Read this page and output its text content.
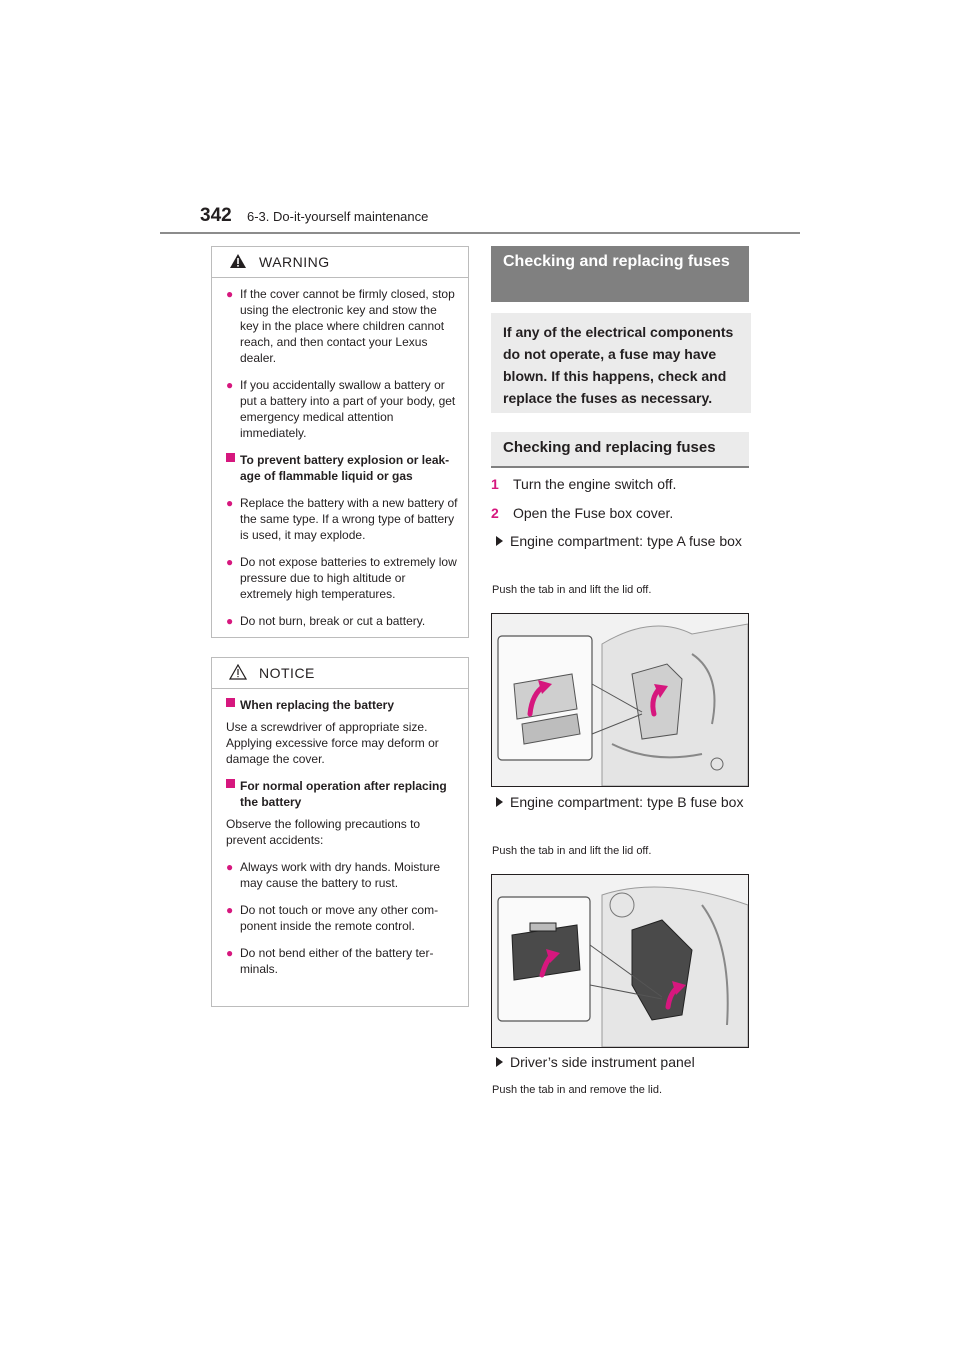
342 6-3. Do-it-yourself maintenance
WARNING
● If the cover cannot be firmly closed, stop using the electronic key and stow the key in the place where children cannot reach, and then contact your Lexus dealer.
● If you accidentally swallow a battery or put a battery into a part of your body, get emergency medical attention immediately.
To prevent battery explosion or leak- age of flammable liquid or gas
● Replace the battery with a new battery of the same type. If a wrong type of battery is used, it may explode.
● Do not expose batteries to extremely low pressure due to high altitude or extremely high temperatures.
● Do not burn, break or cut a battery.
NOTICE
When replacing the battery
Use a screwdriver of appropriate size. Applying excessive force may deform or damage the cover.
For normal operation after replacing the battery
Observe the following precautions to prevent accidents:
● Always work with dry hands. Moisture may cause the battery to rust.
● Do not touch or move any other com- ponent inside the remote control.
● Do not bend either of the battery ter- minals.
Checking and replacing fuses
If any of the electrical components do not operate, a fuse may have blown. If this happens, check and replace the fuses as necessary.
Checking and replacing fuses
1 Turn the engine switch off.
2 Open the Fuse box cover.
Engine compartment: type A fuse box
Push the tab in and lift the lid off.
Engine compartment: type B fuse box
Push the tab in and lift the lid off.
Driver’s side instrument panel
Push the tab in and remove the lid.
